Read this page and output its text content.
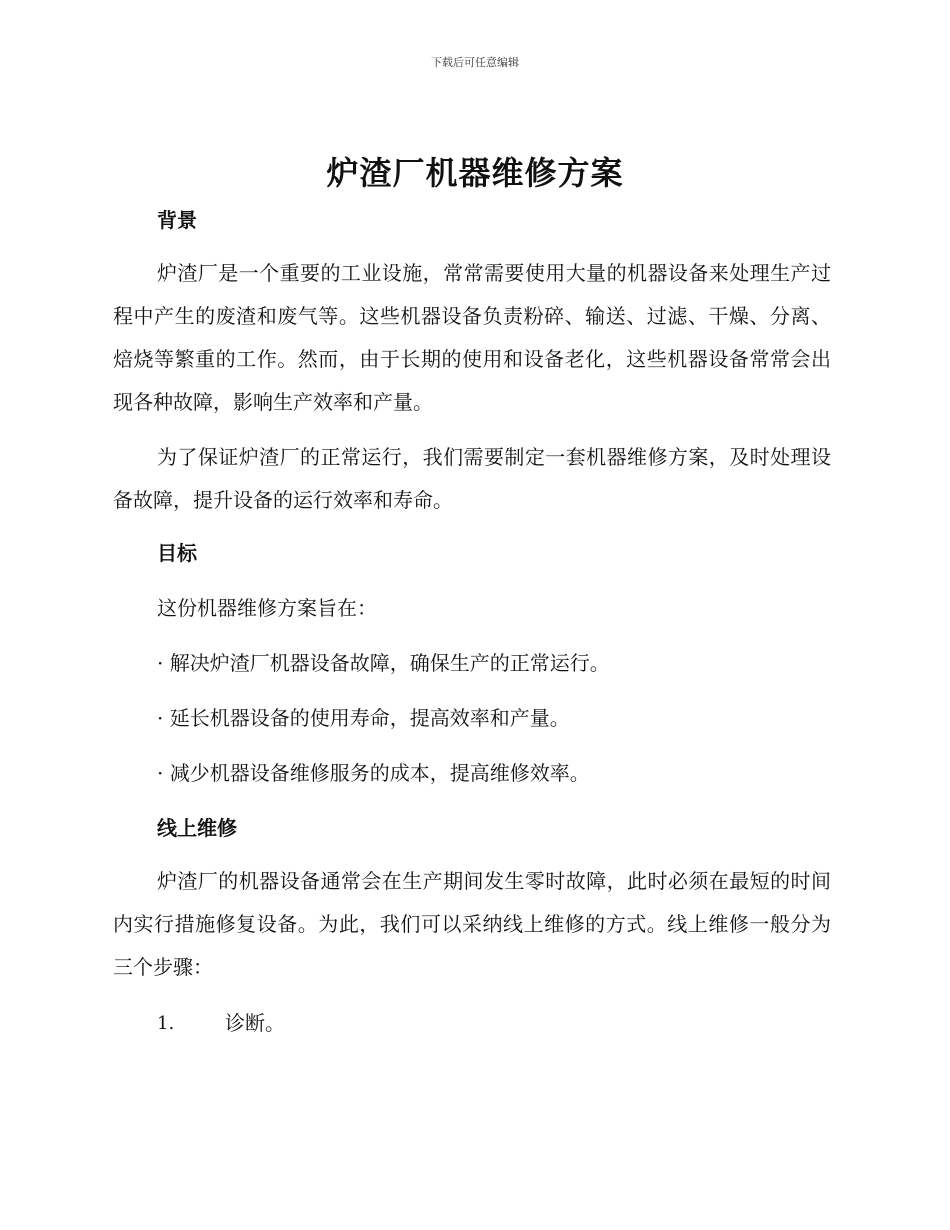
下载后可任意编辑
炉渣厂机器维修方案
背景

炉渣厂是一个重要的工业设施，常常需要使用大量的机器设备来处理生产过程中产生的废渣和废气等。这些机器设备负责粉碎、输送、过滤、干燥、分离、焙烧等繁重的工作。然而，由于长期的使用和设备老化，这些机器设备常常会出现各种故障，影响生产效率和产量。

为了保证炉渣厂的正常运行，我们需要制定一套机器维修方案，及时处理设备故障，提升设备的运行效率和寿命。

目标

这份机器维修方案旨在：

· 解决炉渣厂机器设备故障，确保生产的正常运行。

· 延长机器设备的使用寿命，提高效率和产量。

· 减少机器设备维修服务的成本，提高维修效率。

线上维修

炉渣厂的机器设备通常会在生产期间发生零时故障，此时必须在最短的时间内实行措施修复设备。为此，我们可以采纳线上维修的方式。线上维修一般分为三个步骤：

1.	诊断。
